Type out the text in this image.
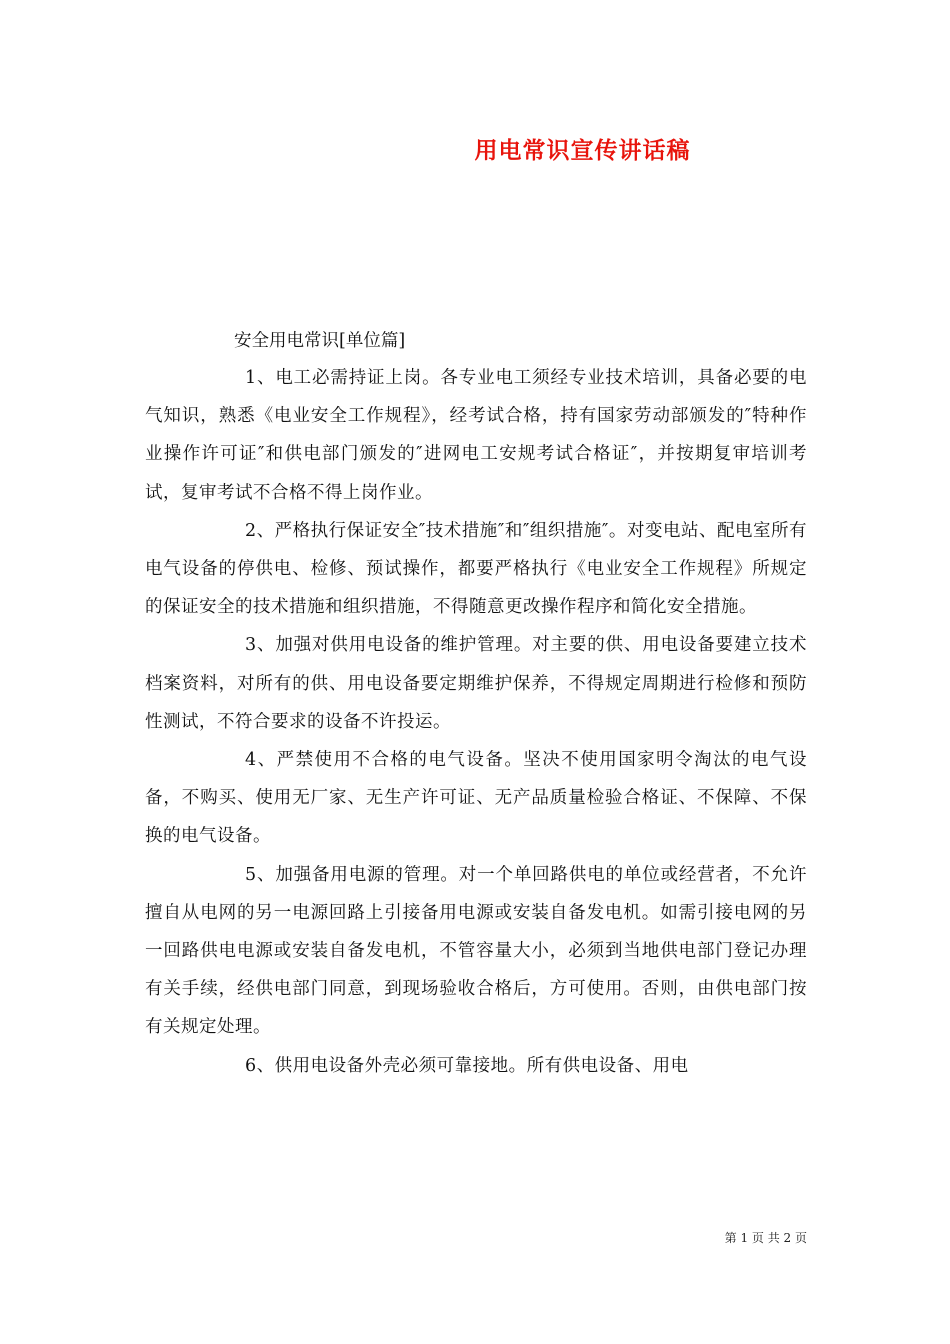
用电常识宣传讲话稿

安全用电常识[单位篇]

1、电工必需持证上岗。各专业电工须经专业技术培训，具备必要的电气知识，熟悉《电业安全工作规程》，经考试合格，持有国家劳动部颁发的″特种作业操作许可证″和供电部门颁发的″进网电工安规考试合格证″，并按期复审培训考试，复审考试不合格不得上岗作业。

2、严格执行保证安全″技术措施″和″组织措施″。对变电站、配电室所有电气设备的停供电、检修、预试操作，都要严格执行《电业安全工作规程》所规定的保证安全的技术措施和组织措施，不得随意更改操作程序和简化安全措施。

3、加强对供用电设备的维护管理。对主要的供、用电设备要建立技术档案资料，对所有的供、用电设备要定期维护保养，不得规定周期进行检修和预防性测试，不符合要求的设备不许投运。

4、严禁使用不合格的电气设备。坚决不使用国家明令淘汰的电气设备，不购买、使用无厂家、无生产许可证、无产品质量检验合格证、不保障、不保换的电气设备。

5、加强备用电源的管理。对一个单回路供电的单位或经营者，不允许擅自从电网的另一电源回路上引接备用电源或安装自备发电机。如需引接电网的另一回路供电电源或安装自备发电机，不管容量大小，必须到当地供电部门登记办理有关手续，经供电部门同意，到现场验收合格后，方可使用。否则，由供电部门按有关规定处理。

6、供用电设备外壳必须可靠接地。所有供电设备、用电

第 1 页 共 2 页
